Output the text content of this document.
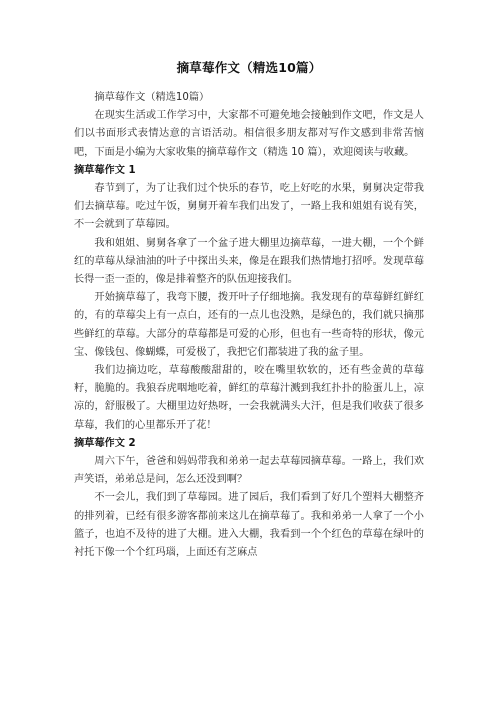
摘草莓作文（精选10篇）

摘草莓作文（精选10篇）

在现实生活或工作学习中，大家都不可避免地会接触到作文吧，作文是人们以书面形式表情达意的言语活动。相信很多朋友都对写作文感到非常苦恼吧，下面是小编为大家收集的摘草莓作文（精选 10 篇），欢迎阅读与收藏。

摘草莓作文 1

春节到了，为了让我们过个快乐的春节，吃上好吃的水果，舅舅决定带我们去摘草莓。吃过午饭，舅舅开着车我们出发了，一路上我和姐姐有说有笑，不一会就到了草莓园。

我和姐姐、舅舅各拿了一个盆子进大棚里边摘草莓，一进大棚，一个个鲜红的草莓从绿油油的叶子中探出头来，像是在跟我们热情地打招呼。发现草莓长得一歪一歪的，像是排着整齐的队伍迎接我们。

开始摘草莓了，我弯下腰，拨开叶子仔细地摘。我发现有的草莓鲜红鲜红的，有的草莓尖上有一点白，还有的一点儿也没熟，是绿色的，我们就只摘那些鲜红的草莓。大部分的草莓都是可爱的心形，但也有一些奇特的形状，像元宝、像钱包、像蝴蝶，可爱极了，我把它们都装进了我的盆子里。

我们边摘边吃，草莓酸酸甜甜的，咬在嘴里软软的，还有些金黄的草莓籽，脆脆的。我狼吞虎咽地吃着，鲜红的草莓汁溅到我红扑扑的脸蛋儿上，凉凉的，舒服极了。大棚里边好热呀，一会我就满头大汗，但是我们收获了很多草莓，我们的心里都乐开了花！

摘草莓作文 2

周六下午，爸爸和妈妈带我和弟弟一起去草莓园摘草莓。一路上，我们欢声笑语，弟弟总是问，怎么还没到啊？

不一会儿，我们到了草莓园。进了园后，我们看到了好几个塑料大棚整齐的排列着，已经有很多游客都前来这儿在摘草莓了。我和弟弟一人拿了一个小篮子，也迫不及待的进了大棚。进入大棚，我看到一个个红色的草莓在绿叶的衬托下像一个个红玛瑙，上面还有芝麻点
